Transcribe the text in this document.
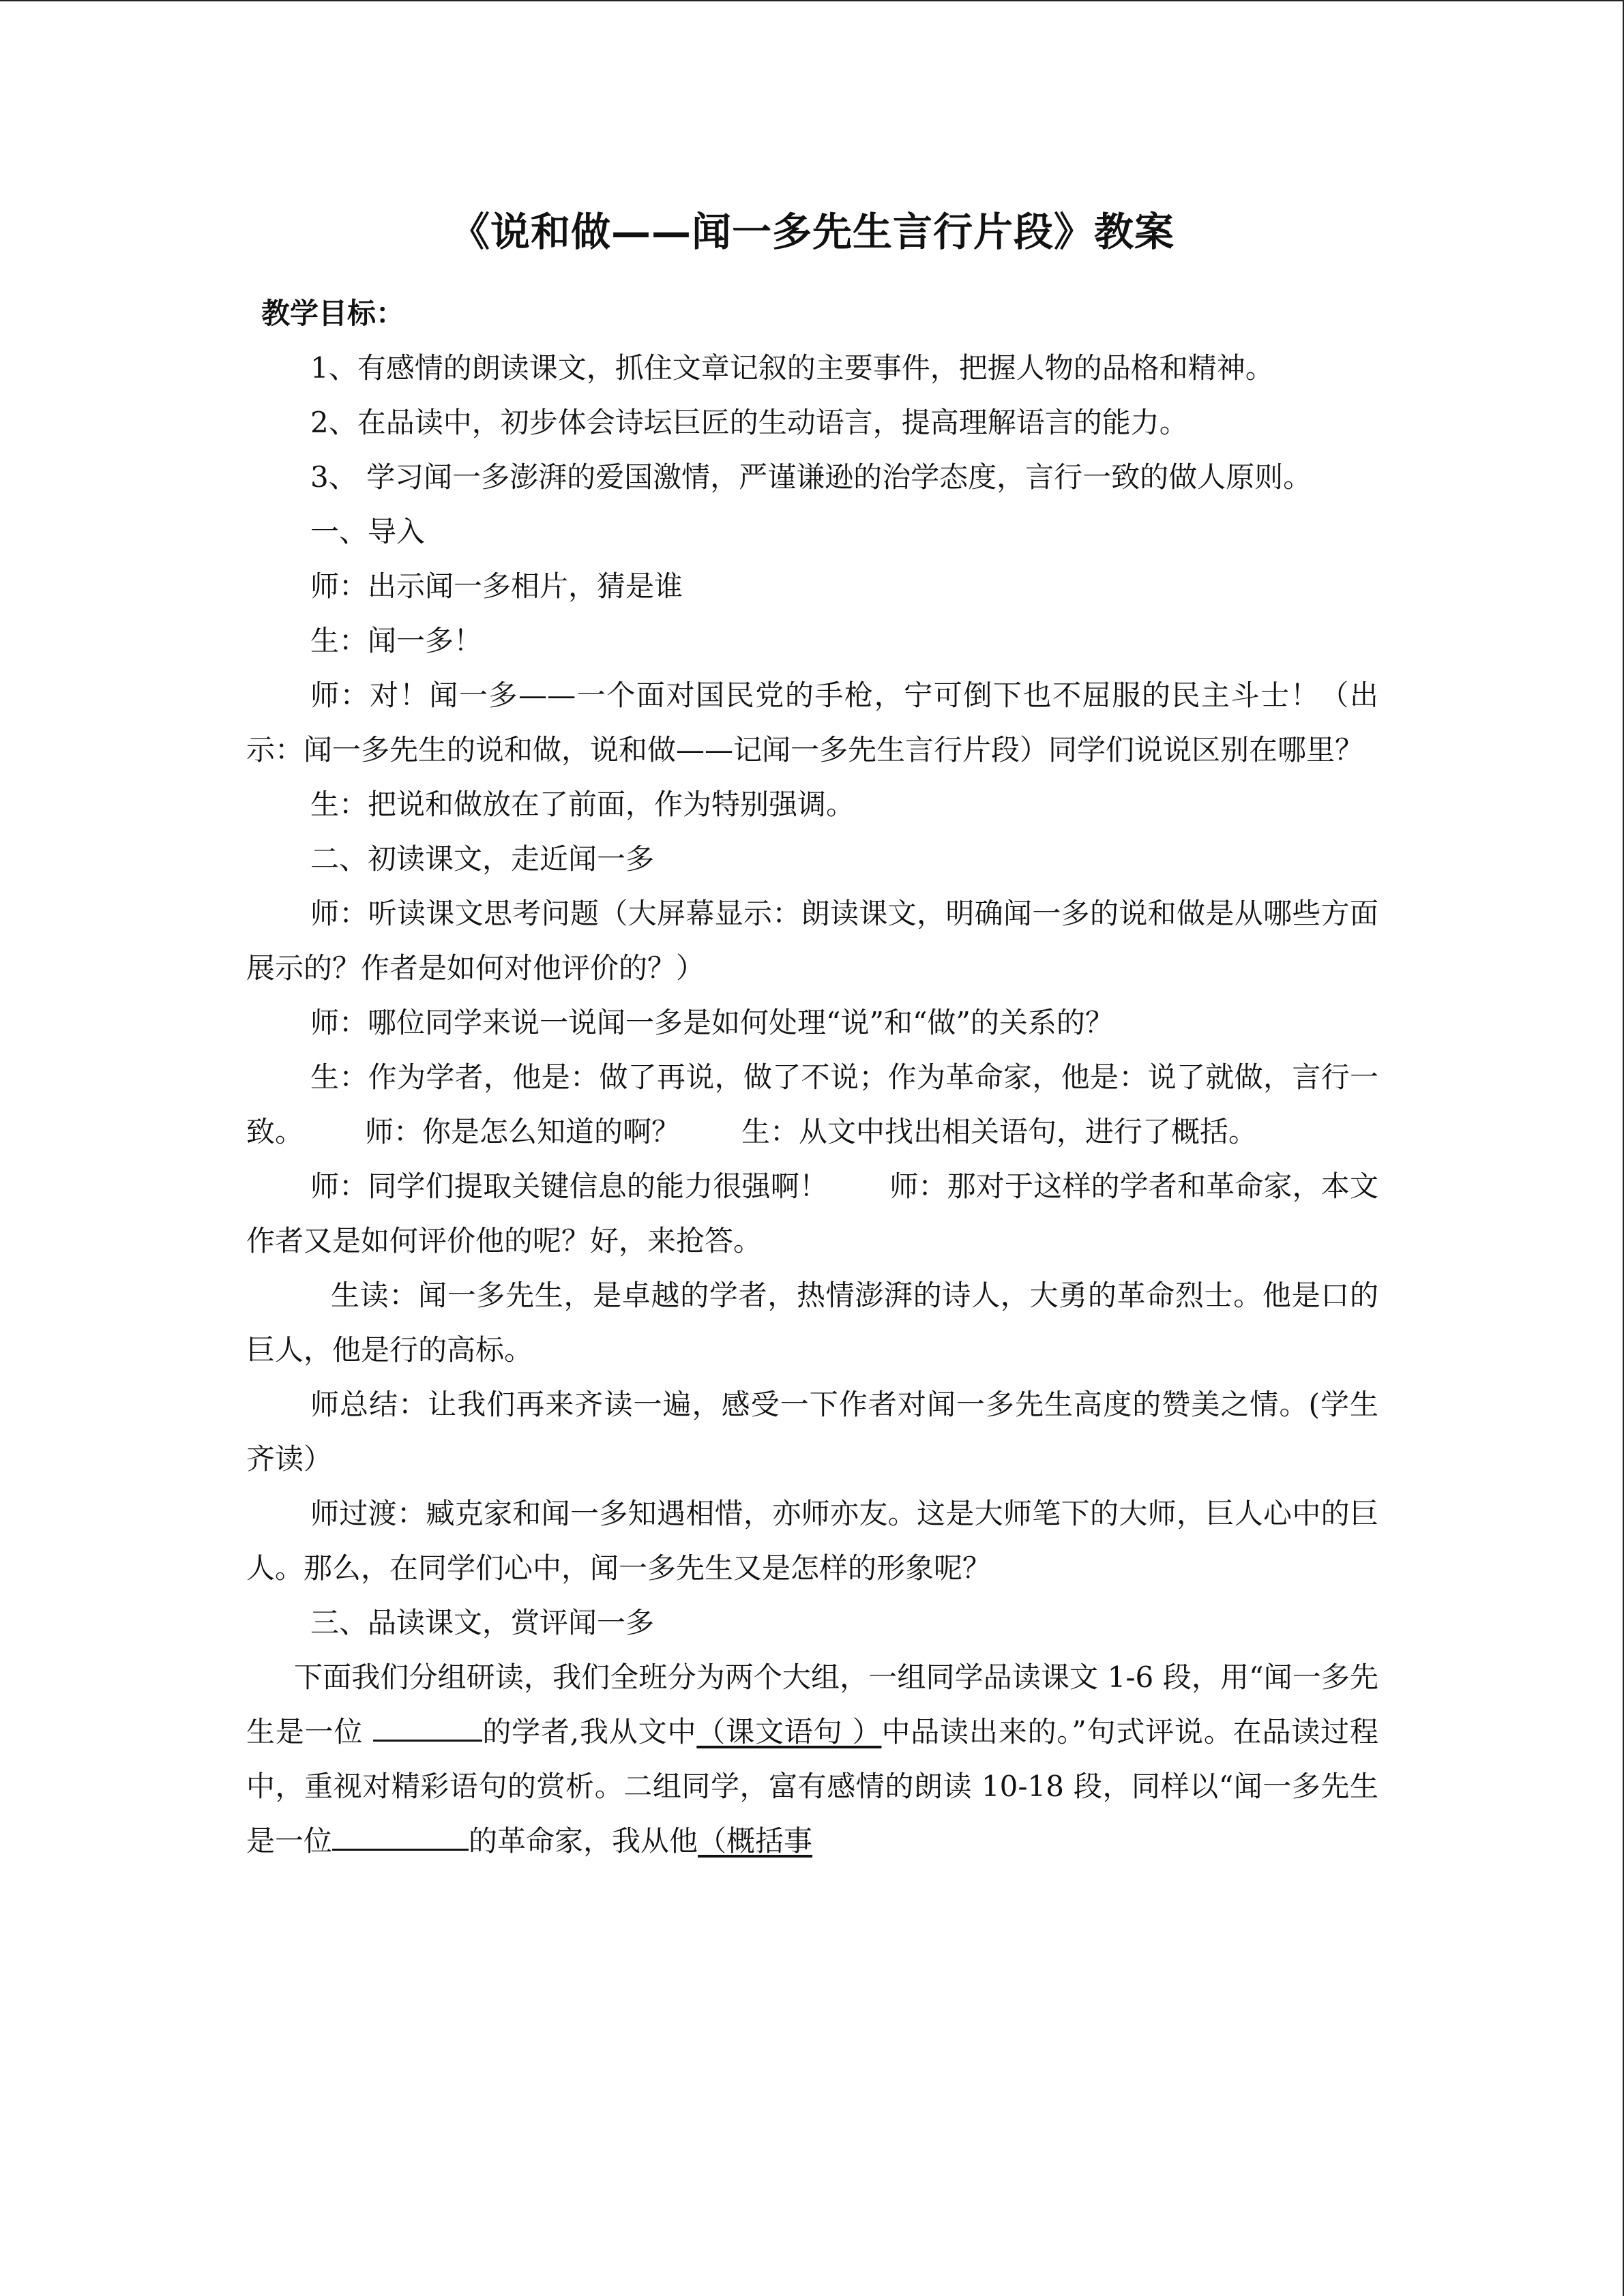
《说和做——闻一多先生言行片段》教案
教学目标：

1、有感情的朗读课文，抓住文章记叙的主要事件，把握人物的品格和精神。

2、在品读中，初步体会诗坛巨匠的生动语言，提高理解语言的能力。

3、 学习闻一多澎湃的爱国激情，严谨谦逊的治学态度，言行一致的做人原则。

一、导入

师：出示闻一多相片，猜是谁

生：闻一多！

师：对！闻一多——一个面对国民党的手枪，宁可倒下也不屈服的民主斗士！（出示：闻一多先生的说和做，说和做——记闻一多先生言行片段）同学们说说区别在哪里？

生：把说和做放在了前面，作为特别强调。

二、初读课文，走近闻一多

师：听读课文思考问题（大屏幕显示：朗读课文，明确闻一多的说和做是从哪些方面展示的？作者是如何对他评价的？）

师：哪位同学来说一说闻一多是如何处理“说”和“做”的关系的？

生：作为学者，他是：做了再说，做了不说；作为革命家，他是：说了就做，言行一致。 师：你是怎么知道的啊？ 生：从文中找出相关语句，进行了概括。

师：同学们提取关键信息的能力很强啊！ 师：那对于这样的学者和革命家，本文作者又是如何评价他的呢？好，来抢答。

生读：闻一多先生，是卓越的学者，热情澎湃的诗人，大勇的革命烈士。他是口的巨人，他是行的高标。

师总结：让我们再来齐读一遍，感受一下作者对闻一多先生高度的赞美之情。(学生齐读）

师过渡：臧克家和闻一多知遇相惜，亦师亦友。这是大师笔下的大师，巨人心中的巨人。那么，在同学们心中，闻一多先生又是怎样的形象呢？

三、品读课文，赏评闻一多

下面我们分组研读，我们全班分为两个大组，一组同学品读课文 1-6 段，用“闻一多先生是一位	的学者,我从文中（课文语句 ）中品读出来的。”句式评说。在品读过程中，重视对精彩语句的赏析。二组同学，富有感情的朗读 10-18 段，同样以“闻一多先生是一位	的革命家，我从他（概括事
